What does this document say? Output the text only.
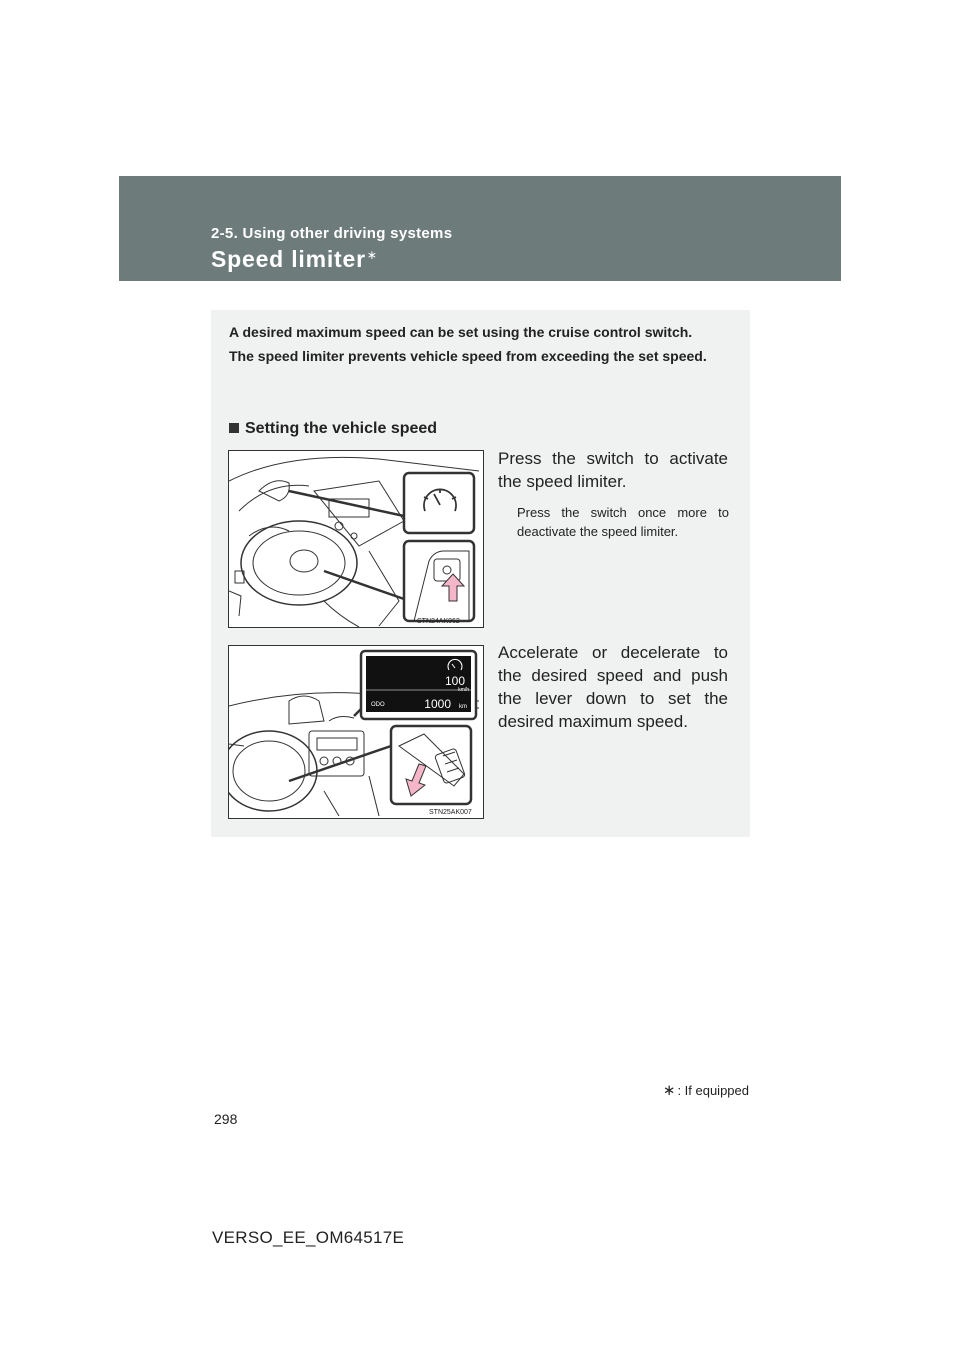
2-5. Using other driving systems
Speed limiter∗

A desired maximum speed can be set using the cruise control switch.

The speed limiter prevents vehicle speed from exceeding the set speed.

Setting the vehicle speed
STN24AK062
Press the switch to activate the speed limiter.
Press the switch once more to deactivate the speed limiter.
100
km/h
ODO	1000 km
STN25AK007
Accelerate or decelerate to the desired speed and push the lever down to set the desired maximum speed.
∗ : If equipped
298
VERSO_EE_OM64517E
